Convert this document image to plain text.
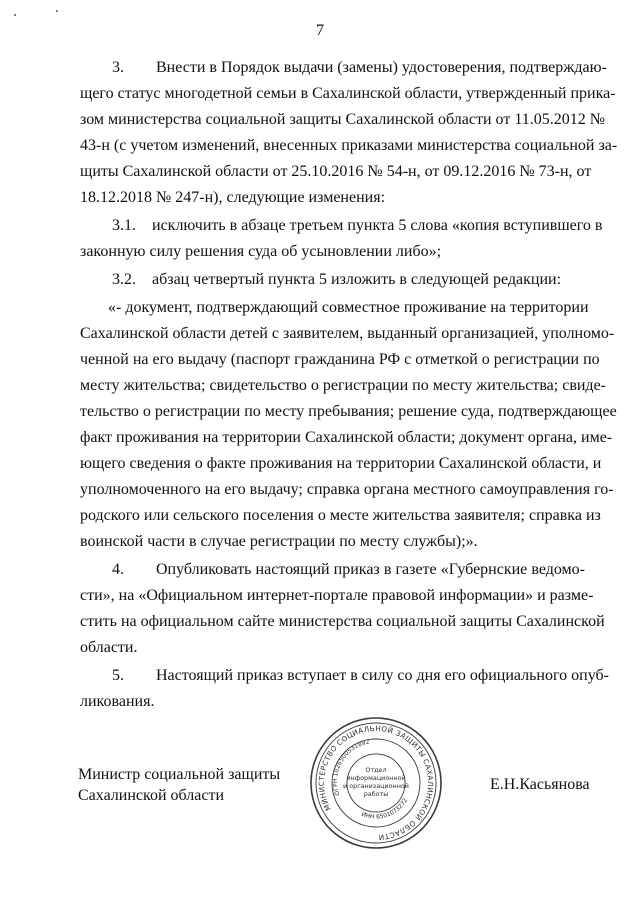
7
3.  Внести в Порядок выдачи (замены) удостоверения, подтверждаю-
щего статус многодетной семьи в Сахалинской области, утвержденный прика-
зом министерства социальной защиты Сахалинской области от 11.05.2012 №
43-н (с учетом изменений, внесенных приказами министерства социальной за-
щиты Сахалинской области от 25.10.2016 № 54-н, от 09.12.2016 № 73-н, от
18.12.2018 № 247-н), следующие изменения:
3.1. исключить в абзаце третьем пункта 5 слова «копия вступившего в
законную силу решения суда об усыновлении либо»;
3.2. абзац четвертый пункта 5 изложить в следующей редакции:
«- документ, подтверждающий совместное проживание на территории
Сахалинской области детей с заявителем, выданный организацией, уполномо-
ченной на его выдачу (паспорт гражданина РФ с отметкой о регистрации по
месту жительства; свидетельство о регистрации по месту жительства; свиде-
тельство о регистрации по месту пребывания; решение суда, подтверждающее
факт проживания на территории Сахалинской области; документ органа, име-
ющего сведения о факте проживания на территории Сахалинской области, и
уполномоченного на его выдачу; справка органа местного самоуправления го-
родского или сельского поселения о месте жительства заявителя; справка из
воинской части в случае регистрации по месту службы);».
4.  Опубликовать настоящий приказ в газете «Губернские ведомо-
сти», на «Официальном интернет-портале правовой информации» и разме-
стить на официальном сайте министерства социальной защиты Сахалинской
области.
5.  Настоящий приказ вступает в силу со дня его официального опуб-
ликования.
Министр социальной защиты
Сахалинской области
Е.Н.Касьянова
МИНИСТЕРСТВО СОЦИАЛЬНОЙ ЗАЩИТЫ САХАЛИНСКОЙ ОБЛАСТИ
ОГРН 1026500531892
ИНН 6501073272
Отдел
информационной
и организационной
работы
